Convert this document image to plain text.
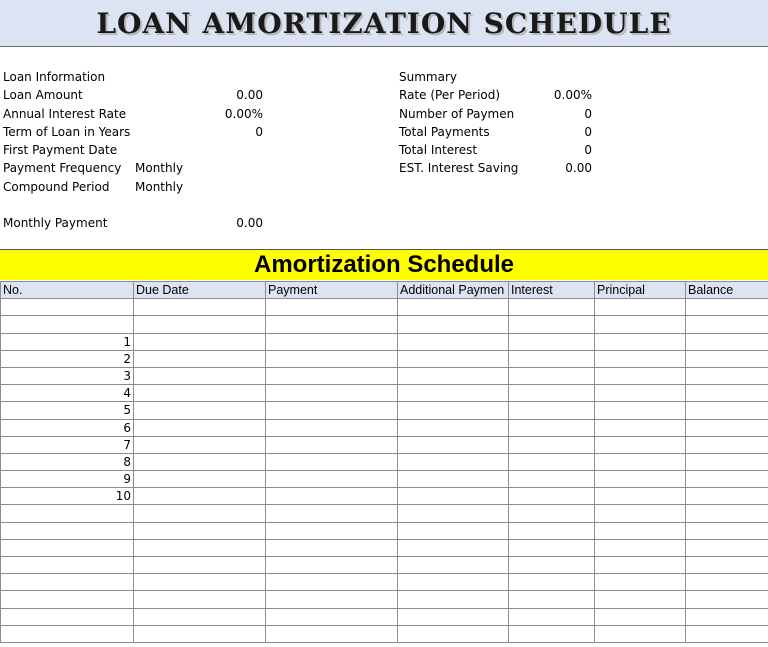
LOAN AMORTIZATION SCHEDULE
Loan Information
Loan Amount	0.00
Annual Interest Rate	0.00%
Term of Loan in Years	0
First Payment Date
Payment Frequency Monthly
Compound Period Monthly
Monthly Payment	0.00
Summary
Rate (Per Period)	0.00%
Number of Paymen	0
Total Payments	0
Total Interest	0
EST. Interest Saving	0.00
Amortization Schedule
No.	Due Date	Payment	Additional Paymen	Interest	Principal	Balance

1						
2						
3						
4						
5						
6						
7						
8						
9						
10						
